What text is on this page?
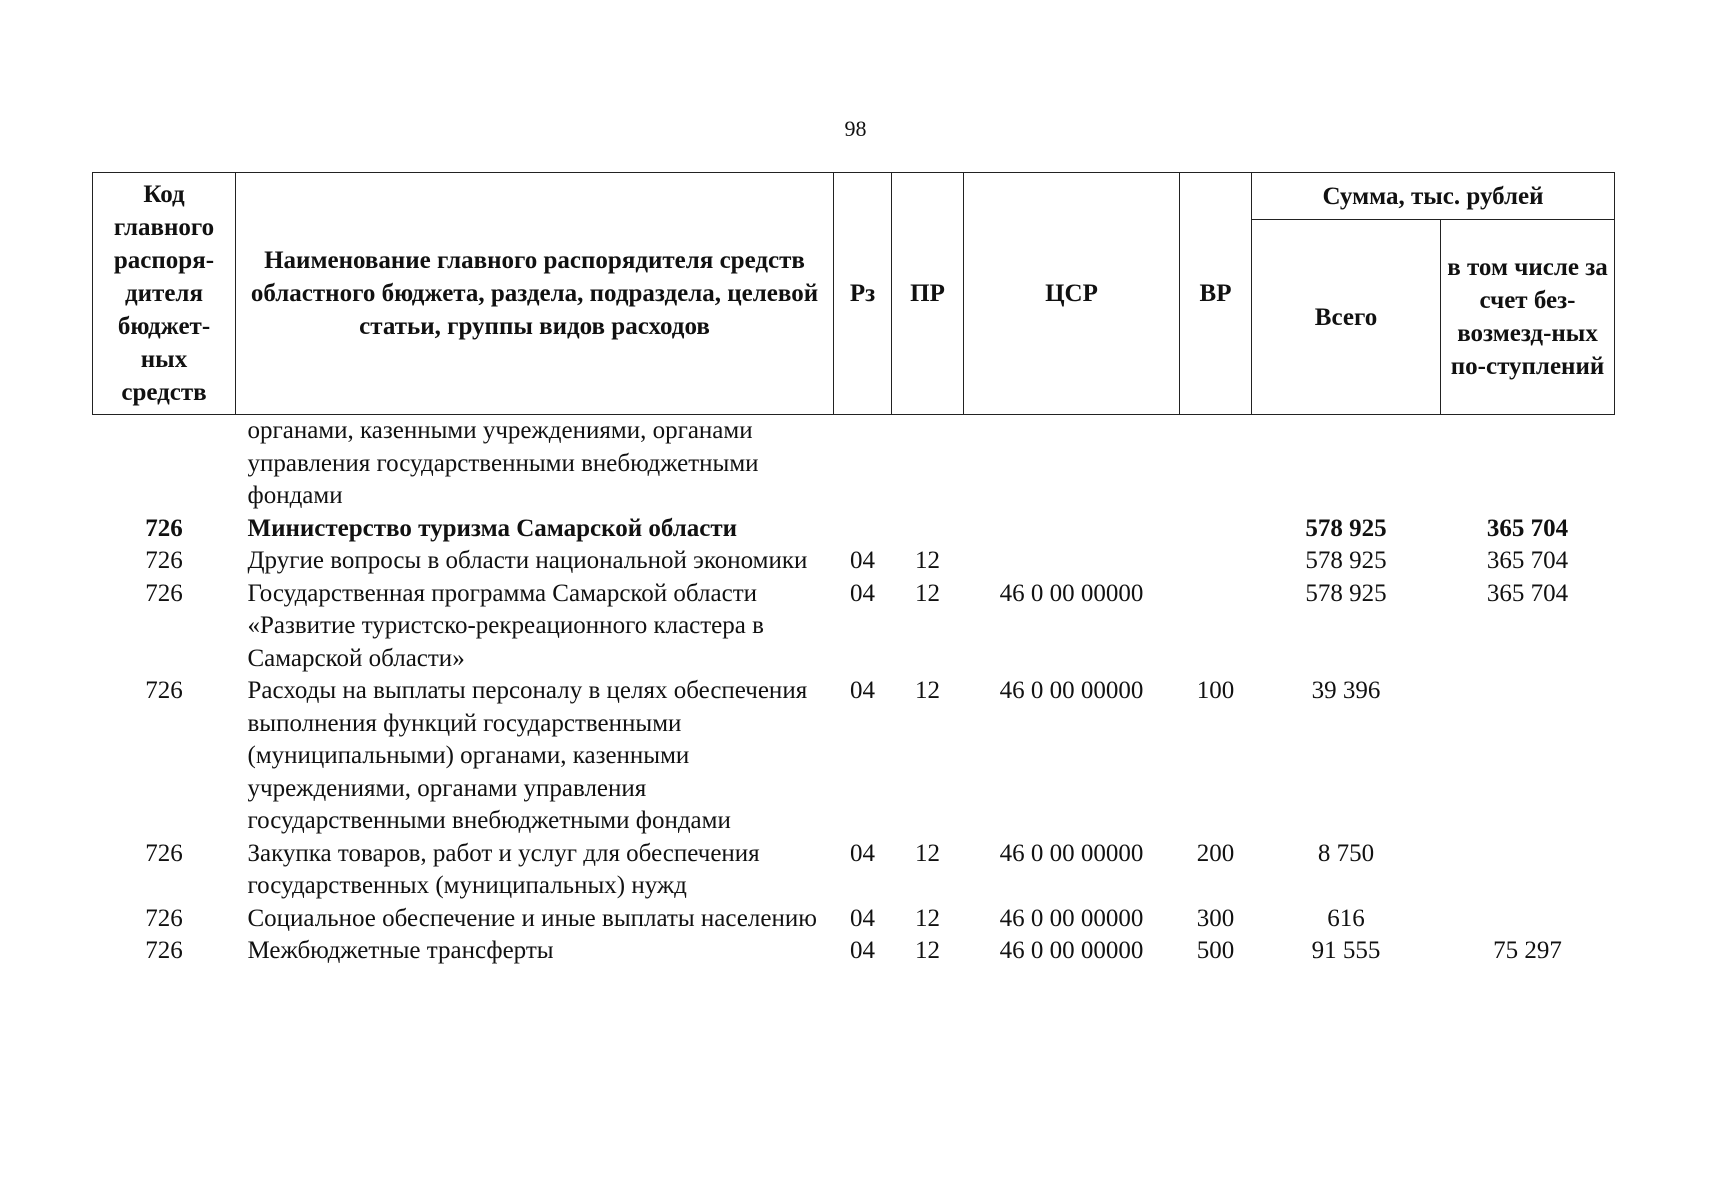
98
Код главного распоря-дителя бюджет-ных средств	Наименование главного распорядителя средств областного бюджета, раздела, подраздела, целевой статьи, группы видов расходов	Рз	ПР	ЦСР	ВР	Сумма, тыс. рублей	
						Всего	в том числе за счет без-возмезд-ных по-ступлений
	органами, казенными учреждениями, органами управления государственными внебюджетными фондами						
726	Министерство туризма Самарской области					578 925	365 704
726	Другие вопросы в области национальной экономики	04	12			578 925	365 704
726	Государственная программа Самарской области «Развитие туристско-рекреационного кластера в Самарской области»	04	12	46 0 00 00000		578 925	365 704
726	Расходы на выплаты персоналу в целях обеспечения выполнения функций государственными (муниципальными) органами, казенными учреждениями, органами управления государственными внебюджетными фондами	04	12	46 0 00 00000	100	39 396	
726	Закупка товаров, работ и услуг для обеспечения государственных (муниципальных) нужд	04	12	46 0 00 00000	200	8 750	
726	Социальное обеспечение и иные выплаты населению	04	12	46 0 00 00000	300	616	
726	Межбюджетные трансферты	04	12	46 0 00 00000	500	91 555	75 297
